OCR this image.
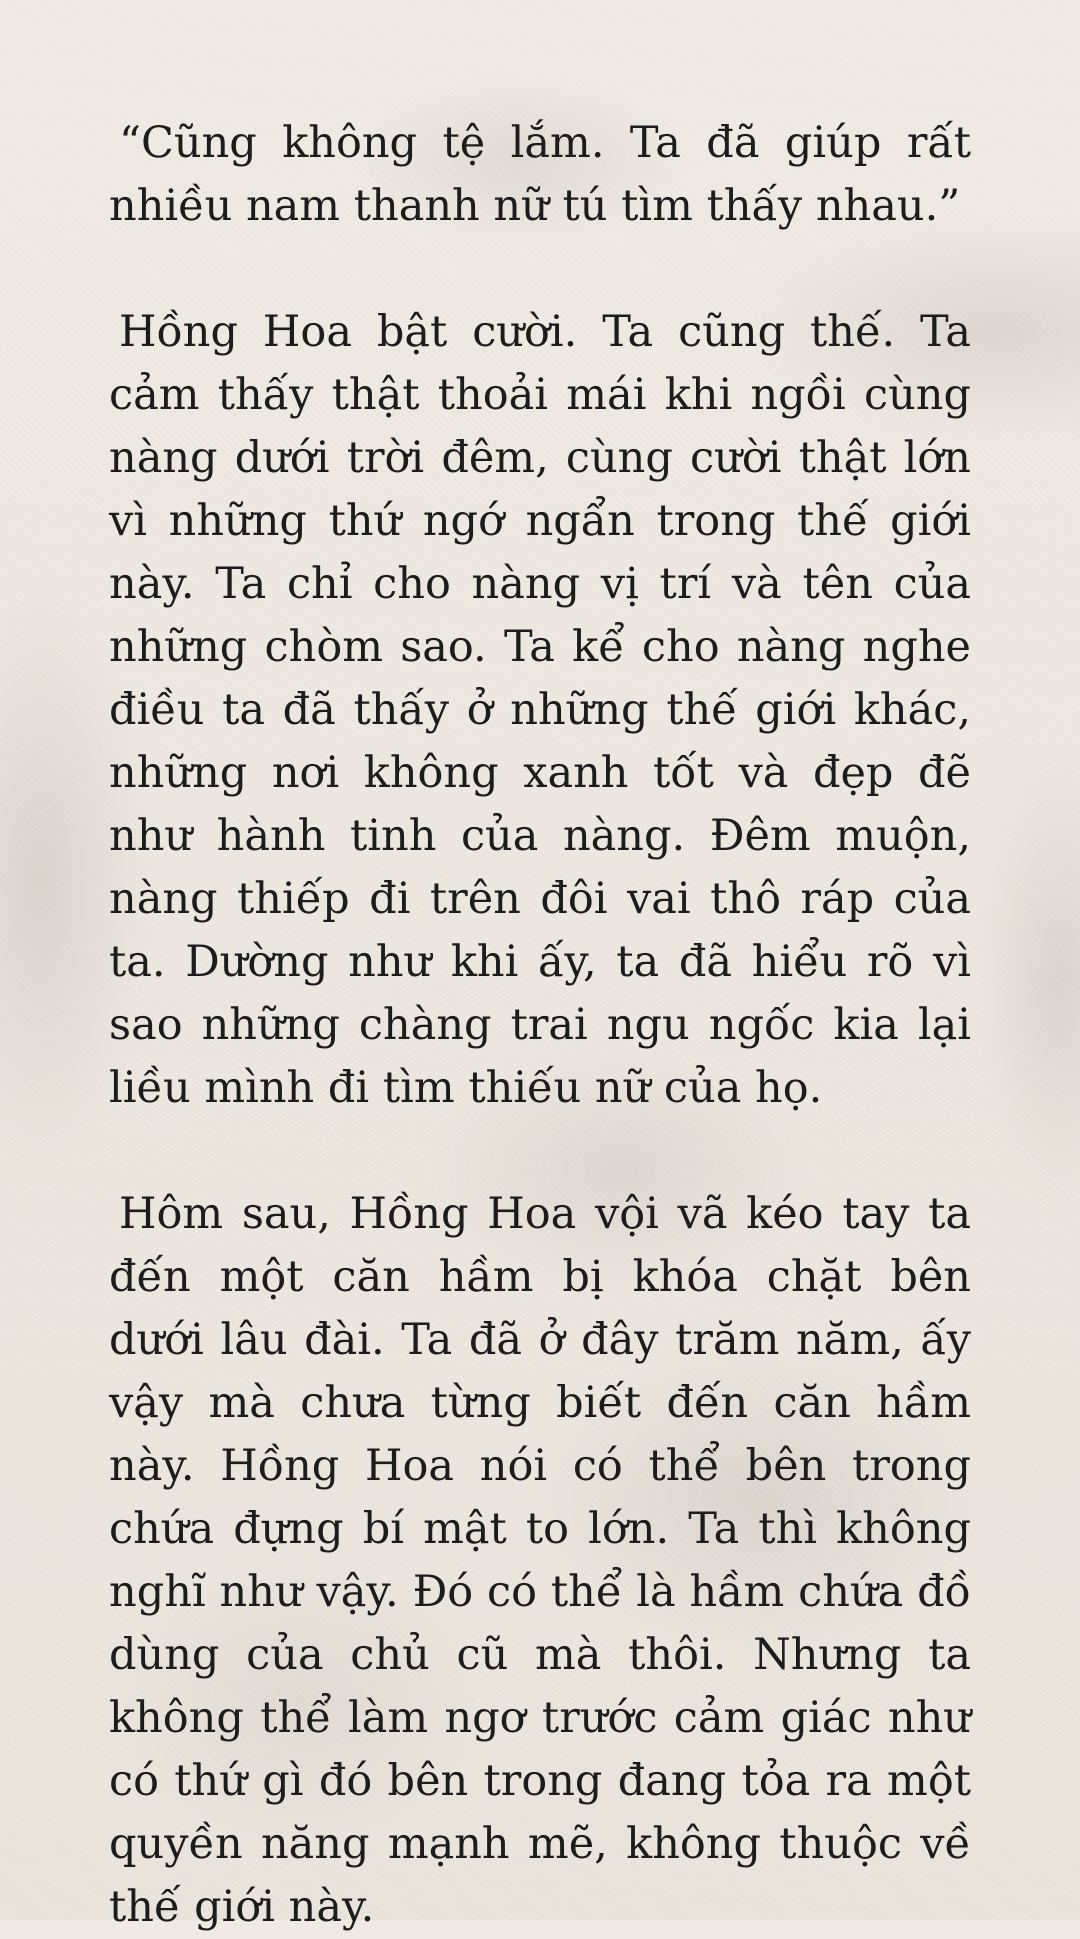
“Cũng không tệ lắm. Ta đã giúp rất nhiều nam thanh nữ tú tìm thấy nhau.”

Hồng Hoa bật cười. Ta cũng thế. Ta cảm thấy thật thoải mái khi ngồi cùng nàng dưới trời đêm, cùng cười thật lớn vì những thứ ngớ ngẩn trong thế giới này. Ta chỉ cho nàng vị trí và tên của những chòm sao. Ta kể cho nàng nghe điều ta đã thấy ở những thế giới khác, những nơi không xanh tốt và đẹp đẽ như hành tinh của nàng. Đêm muộn, nàng thiếp đi trên đôi vai thô ráp của ta. Dường như khi ấy, ta đã hiểu rõ vì sao những chàng trai ngu ngốc kia lại liều mình đi tìm thiếu nữ của họ.

Hôm sau, Hồng Hoa vội vã kéo tay ta đến một căn hầm bị khóa chặt bên dưới lâu đài. Ta đã ở đây trăm năm, ấy vậy mà chưa từng biết đến căn hầm này. Hồng Hoa nói có thể bên trong chứa đựng bí mật to lớn. Ta thì không nghĩ như vậy. Đó có thể là hầm chứa đồ dùng của chủ cũ mà thôi. Nhưng ta không thể làm ngơ trước cảm giác như có thứ gì đó bên trong đang tỏa ra một quyền năng mạnh mẽ, không thuộc về thế giới này.
